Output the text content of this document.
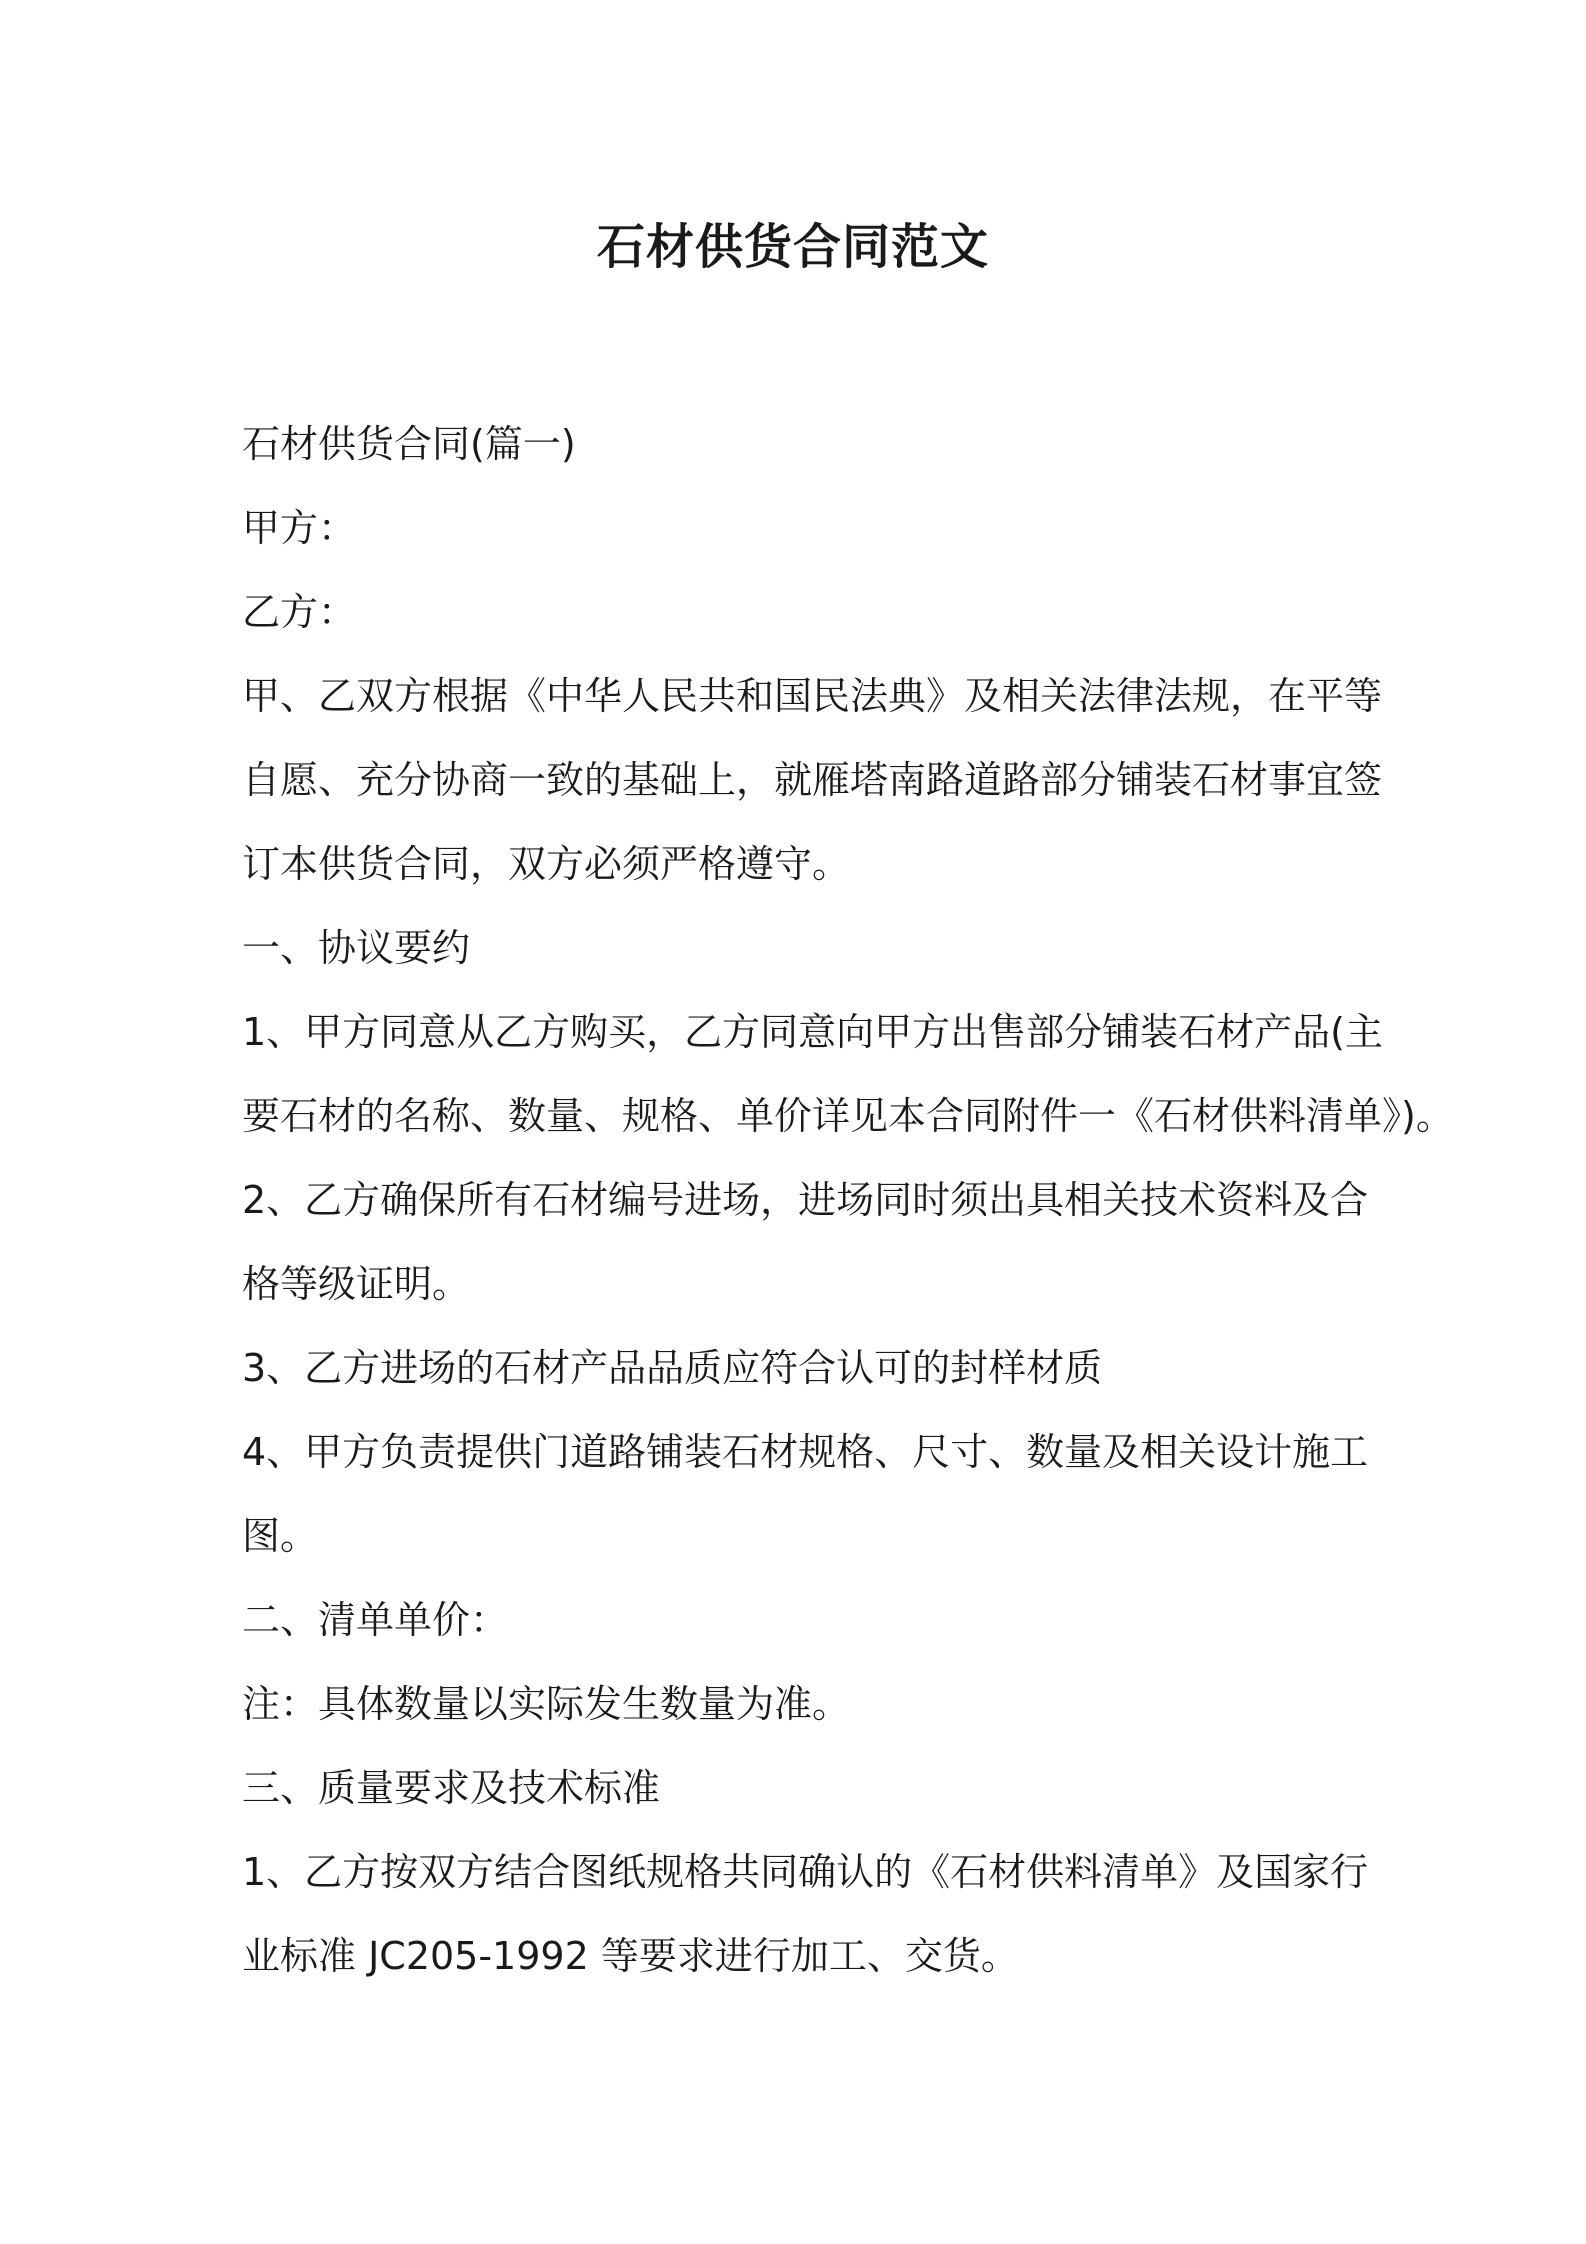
石材供货合同范文

石材供货合同(篇一)

甲方：

乙方：

甲、乙双方根据《中华人民共和国民法典》及相关法律法规，在平等

自愿、充分协商一致的基础上，就雁塔南路道路部分铺装石材事宜签

订本供货合同，双方必须严格遵守。

一、协议要约

1、甲方同意从乙方购买，乙方同意向甲方出售部分铺装石材产品(主

要石材的名称、数量、规格、单价详见本合同附件一《石材供料清单》)。

2、乙方确保所有石材编号进场，进场同时须出具相关技术资料及合

格等级证明。

3、乙方进场的石材产品品质应符合认可的封样材质

4、甲方负责提供门道路铺装石材规格、尺寸、数量及相关设计施工

图。

二、清单单价：

注：具体数量以实际发生数量为准。

三、质量要求及技术标准

1、乙方按双方结合图纸规格共同确认的《石材供料清单》及国家行

业标准 JC205-1992 等要求进行加工、交货。
